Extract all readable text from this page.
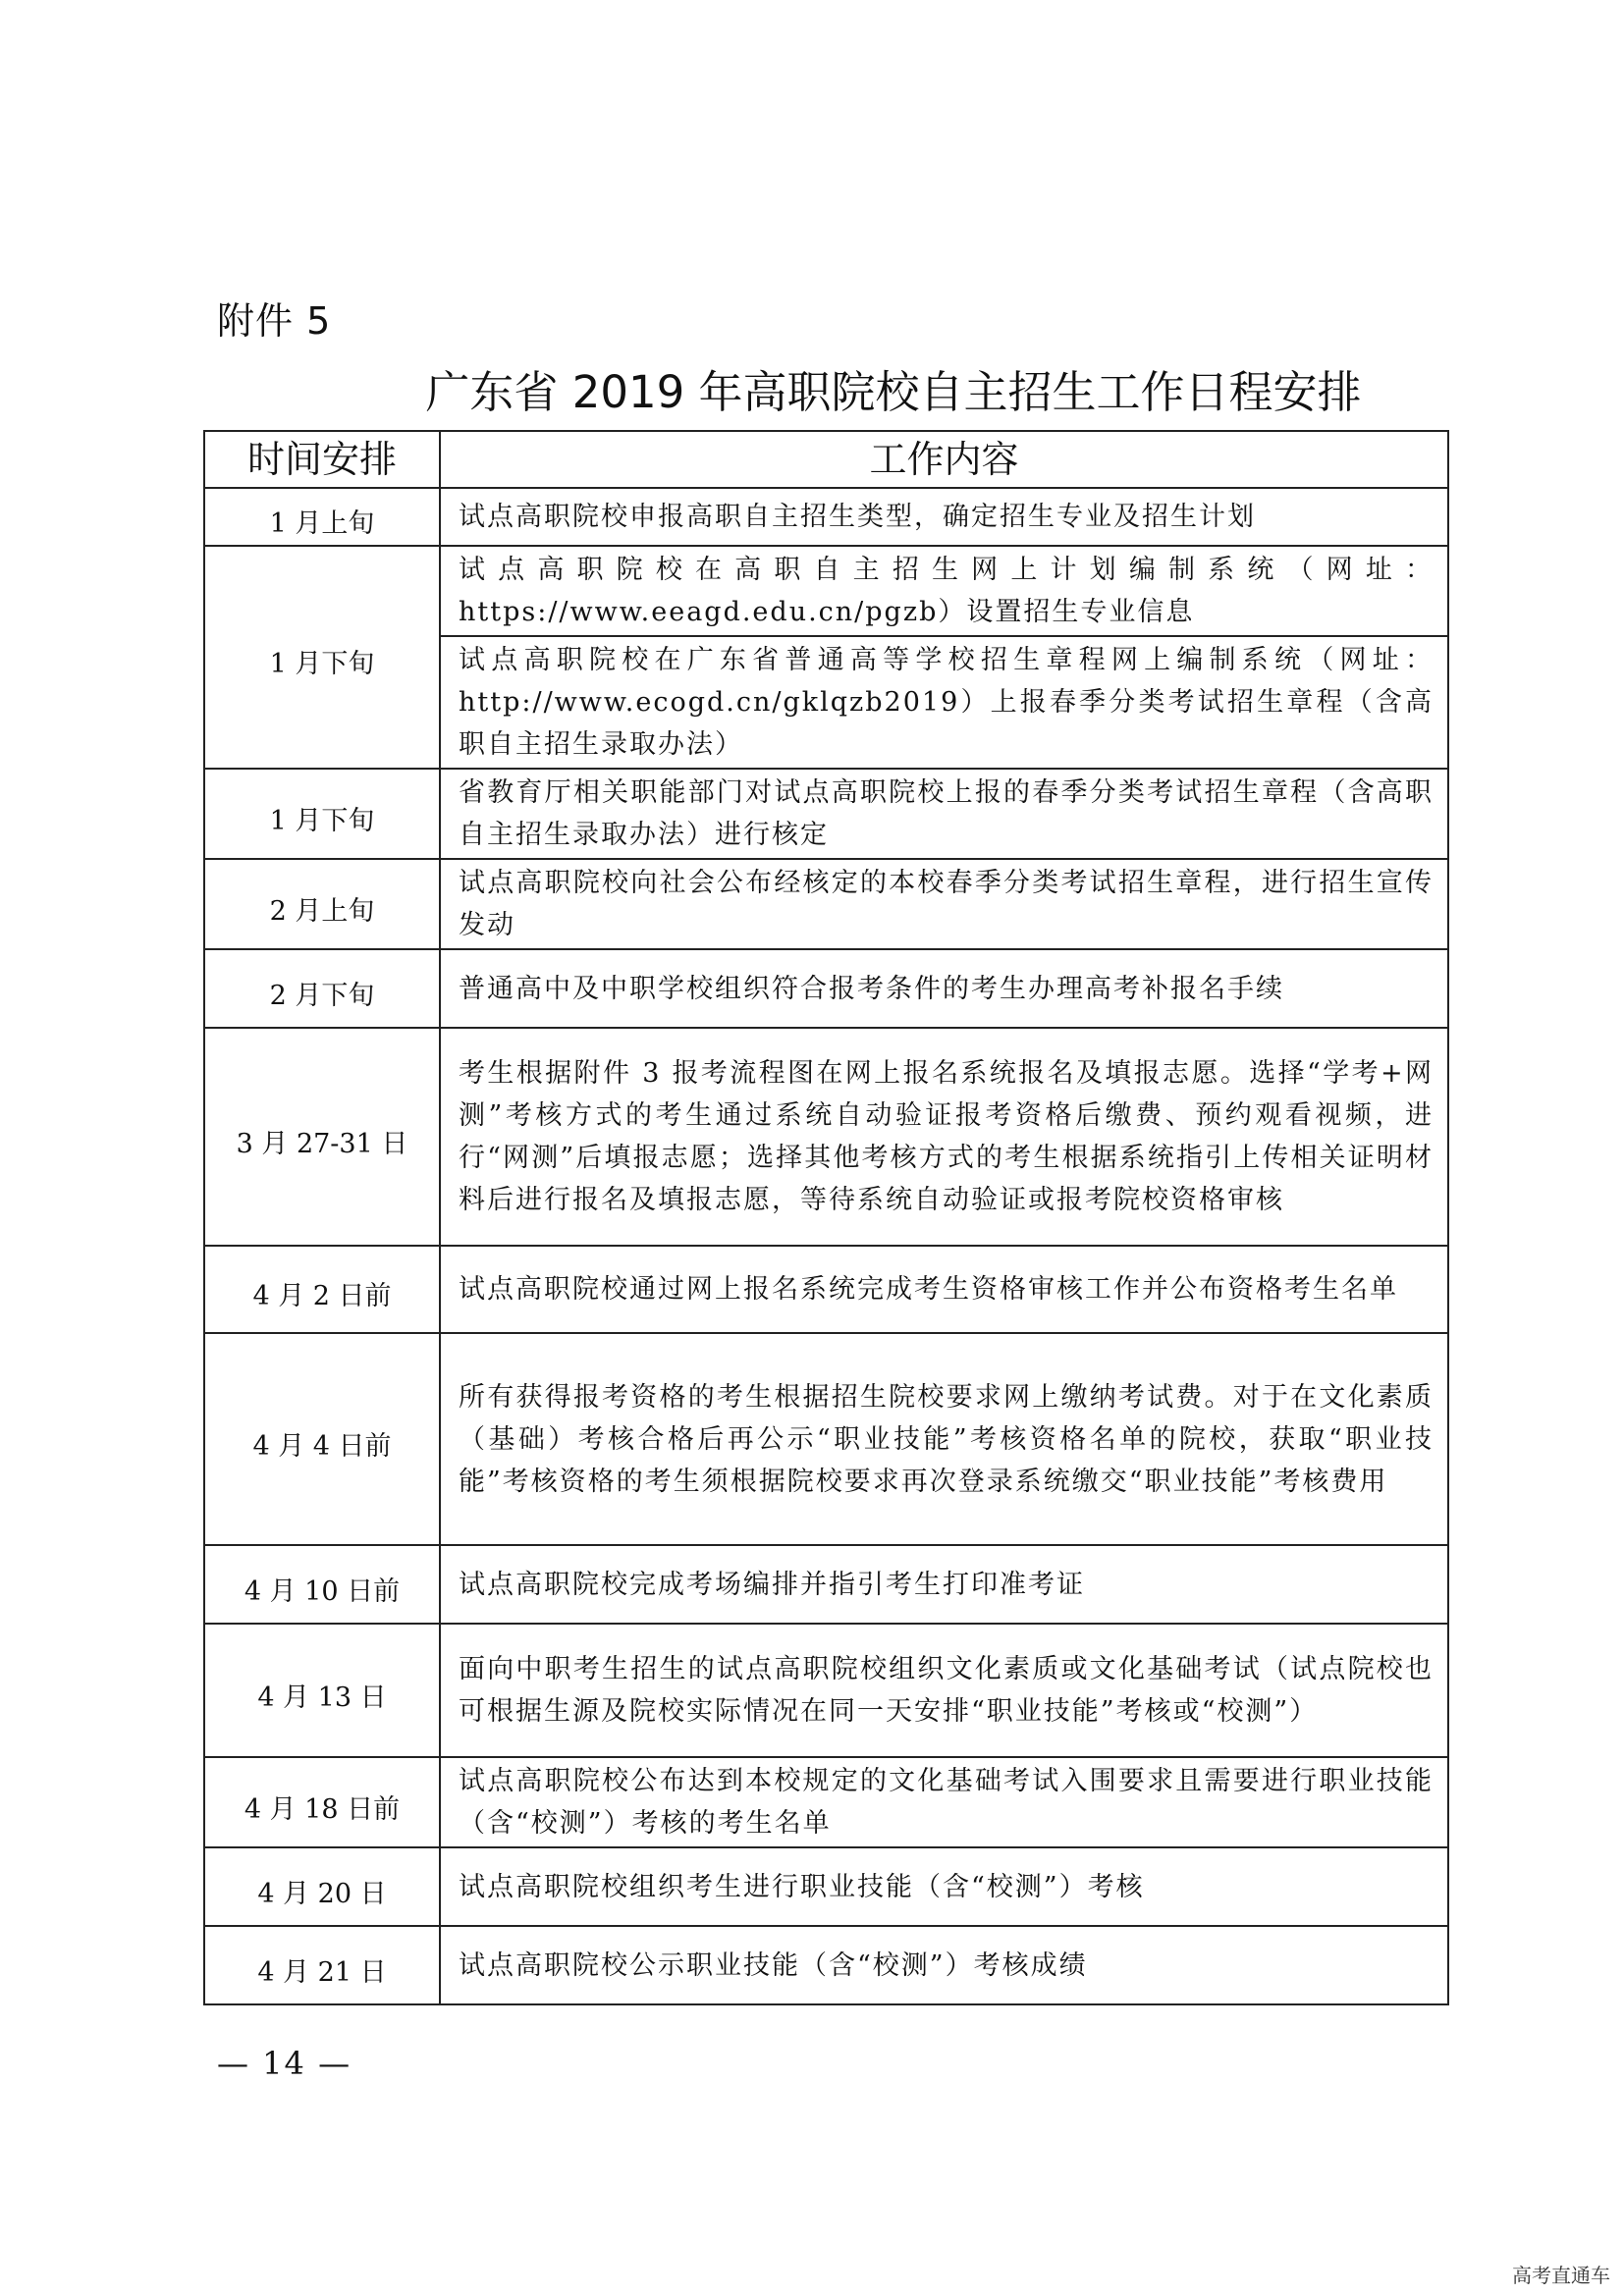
附件 5
广东省 2019 年高职院校自主招生工作日程安排
时间安排	工作内容
1 月上旬	试点高职院校申报高职自主招生类型，确定招生专业及招生计划
1 月下旬	试点高职院校在高职自主招生网上计划编制系统（网址：https://www.eeagd.edu.cn/pgzb）设置招生专业信息
	试点高职院校在广东省普通高等学校招生章程网上编制系统（网址：http://www.ecogd.cn/gklqzb2019）上报春季分类考试招生章程（含高职自主招生录取办法）
1 月下旬	省教育厅相关职能部门对试点高职院校上报的春季分类考试招生章程（含高职自主招生录取办法）进行核定
2 月上旬	试点高职院校向社会公布经核定的本校春季分类考试招生章程，进行招生宣传发动
2 月下旬	普通高中及中职学校组织符合报考条件的考生办理高考补报名手续
3 月 27-31 日	考生根据附件 3 报考流程图在网上报名系统报名及填报志愿。选择“学考+网测”考核方式的考生通过系统自动验证报考资格后缴费、预约观看视频，进行“网测”后填报志愿；选择其他考核方式的考生根据系统指引上传相关证明材料后进行报名及填报志愿，等待系统自动验证或报考院校资格审核
4 月 2 日前	试点高职院校通过网上报名系统完成考生资格审核工作并公布资格考生名单
4 月 4 日前	所有获得报考资格的考生根据招生院校要求网上缴纳考试费。对于在文化素质（基础）考核合格后再公示“职业技能”考核资格名单的院校，获取“职业技能”考核资格的考生须根据院校要求再次登录系统缴交“职业技能”考核费用
4 月 10 日前	试点高职院校完成考场编排并指引考生打印准考证
4 月 13 日	面向中职考生招生的试点高职院校组织文化素质或文化基础考试（试点院校也可根据生源及院校实际情况在同一天安排“职业技能”考核或“校测”）
4 月 18 日前	试点高职院校公布达到本校规定的文化基础考试入围要求且需要进行职业技能（含“校测”）考核的考生名单
4 月 20 日	试点高职院校组织考生进行职业技能（含“校测”）考核
4 月 21 日	试点高职院校公示职业技能（含“校测”）考核成绩
— 14 —
高考直通车
